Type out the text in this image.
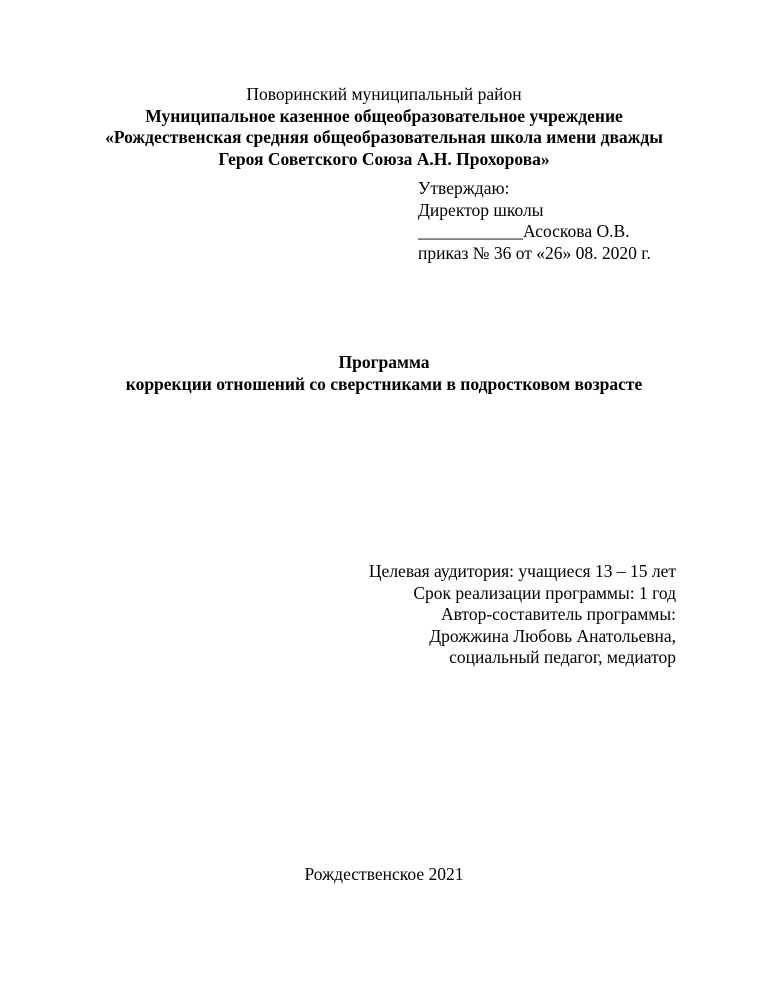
Поворинский муниципальный район
Муниципальное казенное общеобразовательное учреждение
«Рождественская средняя общеобразовательная школа имени дважды
Героя Советского Союза А.Н. Прохорова»
Утверждаю:
Директор школы
____________Асоскова О.В.
приказ № 36 от «26» 08. 2020 г.
Программа
коррекции отношений со сверстниками в подростковом возрасте
Целевая аудитория: учащиеся 13 – 15 лет
Срок реализации программы: 1 год
Автор-составитель программы:
Дрожжина Любовь Анатольевна,
социальный педагог, медиатор
Рождественское 2021
